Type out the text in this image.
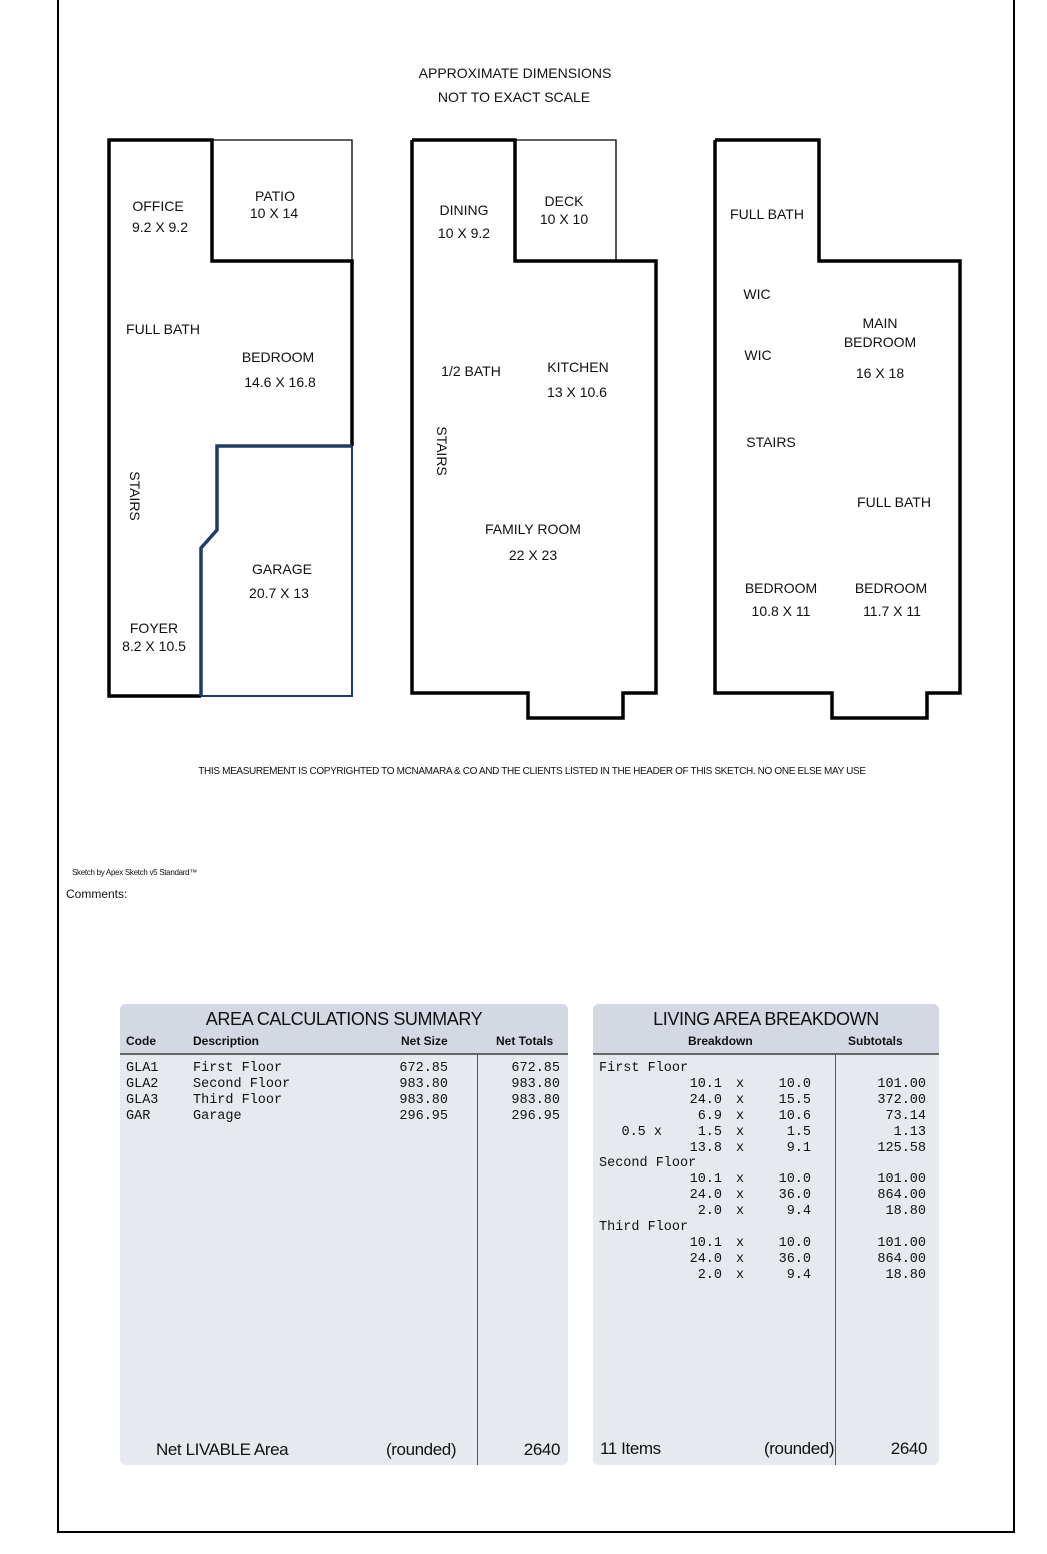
APPROXIMATE DIMENSIONS
NOT TO EXACT SCALE
OFFICE
9.2 X 9.2
PATIO
10 X 14
FULL BATH
BEDROOM
14.6 X 16.8
STAIRS
GARAGE
20.7 X 13
FOYER
8.2 X 10.5
DINING
10 X 9.2
DECK
10 X 10
1/2 BATH	KITCHEN
13 X 10.6
STAIRS
FAMILY ROOM
22 X 23
FULL BATH
WIC
WIC
MAIN
BEDROOM
16 X 18
STAIRS
FULL BATH
BEDROOM
10.8 X 11
BEDROOM
11.7 X 11
THIS MEASUREMENT IS COPYRIGHTED TO MCNAMARA & CO AND THE CLIENTS LISTED IN THE HEADER OF THIS SKETCH. NO ONE ELSE MAY USE
Sketch by Apex Sketch v5 Standard™
Comments:
AREA CALCULATIONS SUMMARY
Code	Description	Net Size	Net Totals
GLA1	First Floor	672.85	672.85
GLA2	Second Floor	983.80	983.80
GLA3	Third Floor	983.80	983.80
GAR	Garage	296.95	296.95
Net LIVABLE Area	(rounded)	2640
LIVING AREA BREAKDOWN
Breakdown	Subtotals
First Floor
10.1 x	10.0	101.00
24.0 x	15.5	372.00
6.9 x	10.6	73.14
0.5 x	1.5 x	1.5	1.13
13.8 x	9.1	125.58
Second Floor
10.1 x	10.0	101.00
24.0 x	36.0	864.00
2.0 x	9.4	18.80
Third Floor
10.1 x	10.0	101.00
24.0 x	36.0	864.00
2.0 x	9.4	18.80
11 Items	(rounded)	2640
